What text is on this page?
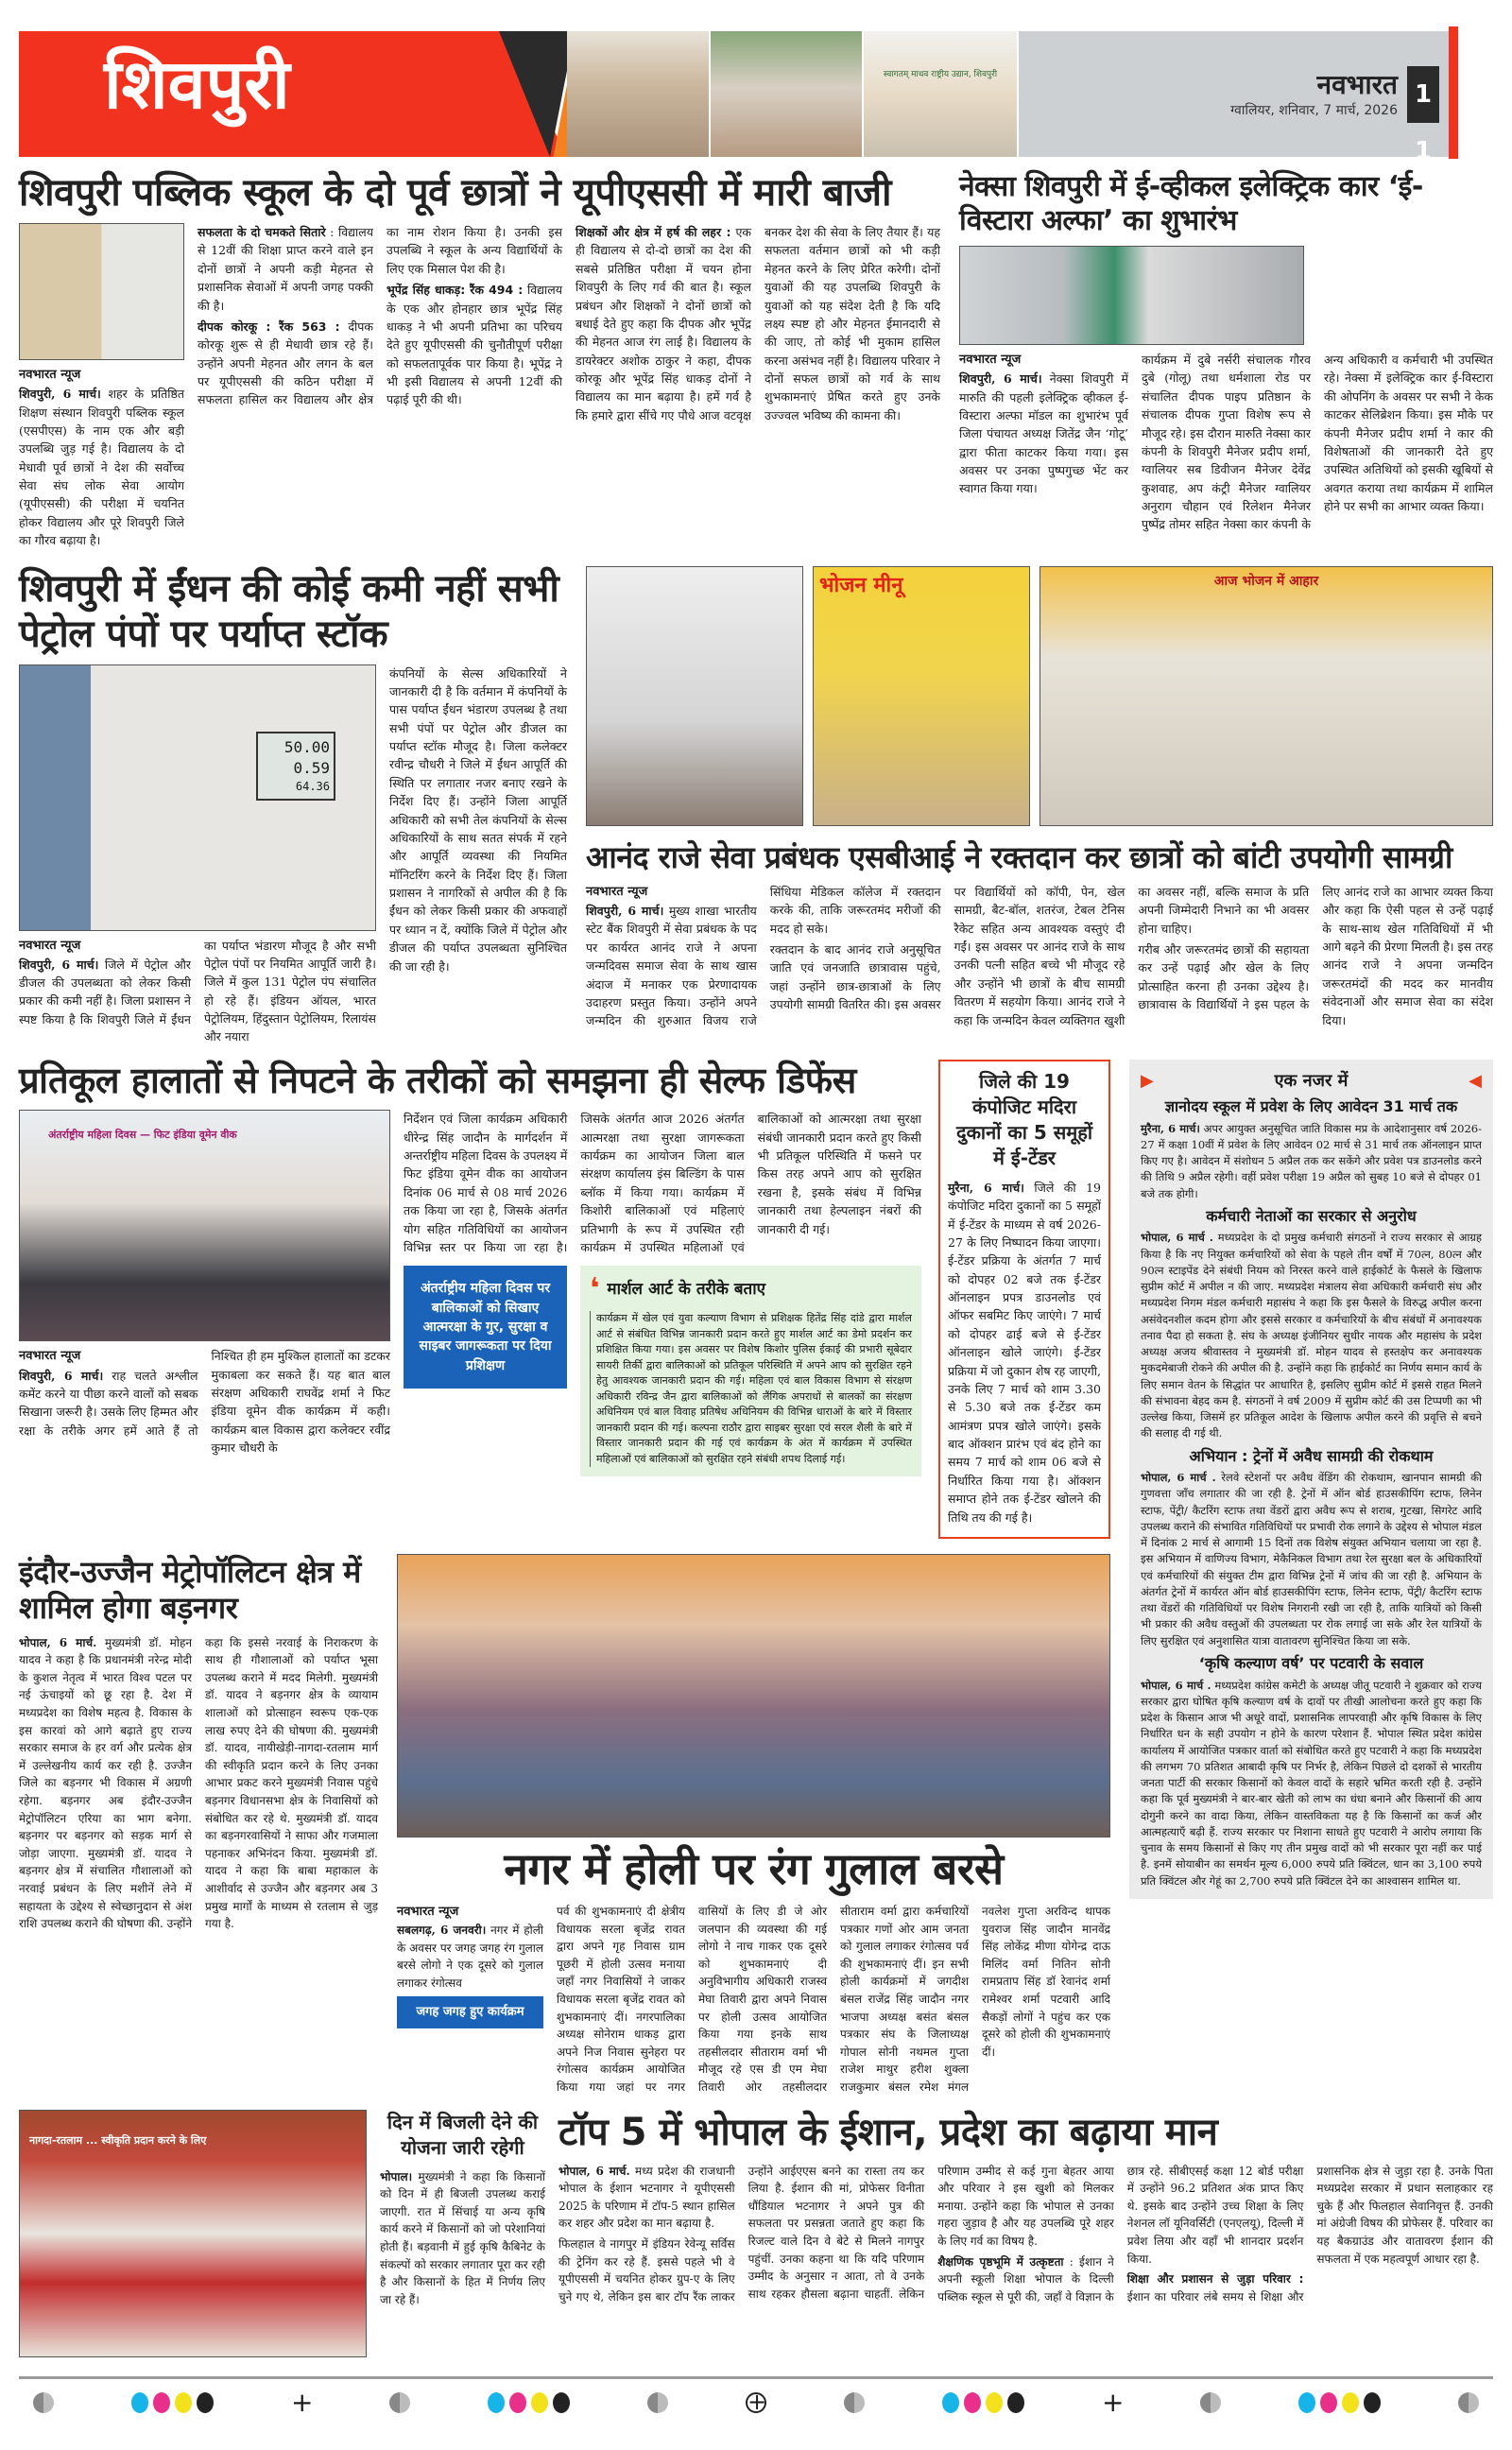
शिवपुरी	स्वागतम् माधव राष्ट्रीय उद्यान, शिवपुरी	नवभारत
ग्वालियर, शनिवार, 7 मार्च, 2026
11
शिवपुरी पब्लिक स्कूल के दो पूर्व छात्रों ने यूपीएससी में मारी बाजी
नवभारत न्यूज

शिवपुरी, 6 मार्च। शहर के प्रतिष्ठित शिक्षण संस्थान शिवपुरी पब्लिक स्कूल (एसपीएस) के नाम एक और बड़ी उपलब्धि जुड़ गई है। विद्यालय के दो मेधावी पूर्व छात्रों ने देश की सर्वोच्च सेवा संघ लोक सेवा आयोग (यूपीएससी) की परीक्षा में चयनित होकर विद्यालय और पूरे शिवपुरी जिले का गौरव बढ़ाया है।

सफलता के दो चमकते सितारे : विद्यालय से 12वीं की शिक्षा प्राप्त करने वाले इन दोनों छात्रों ने अपनी कड़ी मेहनत से प्रशासनिक सेवाओं में अपनी जगह पक्की की है।

दीपक कोरकू : रैंक 563 : दीपक कोरकू शुरू से ही मेधावी छात्र रहे हैं। उन्होंने अपनी मेहनत और लगन के बल पर यूपीएससी की कठिन परीक्षा में सफलता हासिल कर विद्यालय और क्षेत्र का नाम रोशन किया है। उनकी इस उपलब्धि ने स्कूल के अन्य विद्यार्थियों के लिए एक मिसाल पेश की है।

भूपेंद्र सिंह धाकड़: रैंक 494 : विद्यालय के एक और होनहार छात्र भूपेंद्र सिंह धाकड़ ने भी अपनी प्रतिभा का परिचय देते हुए यूपीएससी की चुनौतीपूर्ण परीक्षा को सफलतापूर्वक पार किया है। भूपेंद्र ने भी इसी विद्यालय से अपनी 12वीं की पढ़ाई पूरी की थी।

शिक्षकों और क्षेत्र में हर्ष की लहर : एक ही विद्यालय से दो-दो छात्रों का देश की सबसे प्रतिष्ठित परीक्षा में चयन होना शिवपुरी के लिए गर्व की बात है। स्कूल प्रबंधन और शिक्षकों ने दोनों छात्रों को बधाई देते हुए कहा कि दीपक और भूपेंद्र की मेहनत आज रंग लाई है। विद्यालय के डायरेक्टर अशोक ठाकुर ने कहा, दीपक कोरकू और भूपेंद्र सिंह धाकड़ दोनों ने विद्यालय का मान बढ़ाया है। हमें गर्व है कि हमारे द्वारा सींचे गए पौधे आज वटवृक्ष बनकर देश की सेवा के लिए तैयार हैं। यह सफलता वर्तमान छात्रों को भी कड़ी मेहनत करने के लिए प्रेरित करेगी। दोनों युवाओं की यह उपलब्धि शिवपुरी के युवाओं को यह संदेश देती है कि यदि लक्ष्य स्पष्ट हो और मेहनत ईमानदारी से की जाए, तो कोई भी मुकाम हासिल करना असंभव नहीं है। विद्यालय परिवार ने दोनों सफल छात्रों को गर्व के साथ शुभकामनाएं प्रेषित करते हुए उनके उज्ज्वल भविष्य की कामना की।

नेक्सा शिवपुरी में ई-व्हीकल इलेक्ट्रिक कार ‘ई-विस्टारा अल्फा’ का शुभारंभ
नवभारत न्यूज

शिवपुरी, 6 मार्च। नेक्सा शिवपुरी में मारुति की पहली इलेक्ट्रिक व्हीकल ई-विस्टारा अल्फा मॉडल का शुभारंभ पूर्व जिला पंचायत अध्यक्ष जितेंद्र जैन ‘गोटू’ द्वारा फीता काटकर किया गया। इस अवसर पर उनका पुष्पगुच्छ भेंट कर स्वागत किया गया।

कार्यक्रम में दुबे नर्सरी संचालक गौरव दुबे (गोलू) तथा धर्मशाला रोड पर संचालित दीपक पाइप प्रतिष्ठान के संचालक दीपक गुप्ता विशेष रूप से मौजूद रहे। इस दौरान मारुति नेक्सा कार कंपनी के शिवपुरी मैनेजर प्रदीप शर्मा, ग्वालियर सब डिवीजन मैनेजर देवेंद्र कुशवाह, अप कंट्री मैनेजर ग्वालियर अनुराग चौहान एवं रिलेशन मैनेजर पुष्पेंद्र तोमर सहित नेक्सा कार कंपनी के अन्य अधिकारी व कर्मचारी भी उपस्थित रहे। नेक्सा में इलेक्ट्रिक कार ई-विस्टारा की ओपनिंग के अवसर पर सभी ने केक काटकर सेलिब्रेशन किया। इस मौके पर कंपनी मैनेजर प्रदीप शर्मा ने कार की विशेषताओं की जानकारी देते हुए उपस्थित अतिथियों को इसकी खूबियों से अवगत कराया तथा कार्यक्रम में शामिल होने पर सभी का आभार व्यक्त किया।

शिवपुरी में ईंधन की कोई कमी नहीं सभी पेट्रोल पंपों पर पर्याप्त स्टॉक
50.00
0.59
64.36
नवभारत न्यूज

शिवपुरी, 6 मार्च। जिले में पेट्रोल और डीजल की उपलब्धता को लेकर किसी प्रकार की कमी नहीं है। जिला प्रशासन ने स्पष्ट किया है कि शिवपुरी जिले में ईंधन का पर्याप्त भंडारण मौजूद है और सभी पेट्रोल पंपों पर नियमित आपूर्ति जारी है। जिले में कुल 131 पेट्रोल पंप संचालित हो रहे हैं। इंडियन ऑयल, भारत पेट्रोलियम, हिंदुस्तान पेट्रोलियम, रिलायंस और नयारा

कंपनियों के सेल्स अधिकारियों ने जानकारी दी है कि वर्तमान में कंपनियों के पास पर्याप्त ईंधन भंडारण उपलब्ध है तथा सभी पंपों पर पेट्रोल और डीजल का पर्याप्त स्टॉक मौजूद है। जिला कलेक्टर रवीन्द्र चौधरी ने जिले में ईंधन आपूर्ति की स्थिति पर लगातार नजर बनाए रखने के निर्देश दिए हैं। उन्होंने जिला आपूर्ति अधिकारी को सभी तेल कंपनियों के सेल्स अधिकारियों के साथ सतत संपर्क में रहने और आपूर्ति व्यवस्था की नियमित मॉनिटरिंग करने के निर्देश दिए हैं। जिला प्रशासन ने नागरिकों से अपील की है कि ईंधन को लेकर किसी प्रकार की अफवाहों पर ध्यान न दें, क्योंकि जिले में पेट्रोल और डीजल की पर्याप्त उपलब्धता सुनिश्चित की जा रही है।

भोजन मीनू	आज भोजन में आहार
आनंद राजे सेवा प्रबंधक एसबीआई ने रक्तदान कर छात्रों को बांटी उपयोगी सामग्री
नवभारत न्यूज

शिवपुरी, 6 मार्च। मुख्य शाखा भारतीय स्टेट बैंक शिवपुरी में सेवा प्रबंधक के पद पर कार्यरत आनंद राजे ने अपना जन्मदिवस समाज सेवा के साथ खास अंदाज में मनाकर एक प्रेरणादायक उदाहरण प्रस्तुत किया। उन्होंने अपने जन्मदिन की शुरुआत विजय राजे सिंधिया मेडिकल कॉलेज में रक्तदान करके की, ताकि जरूरतमंद मरीजों की मदद हो सके।

रक्तदान के बाद आनंद राजे अनुसूचित जाति एवं जनजाति छात्रावास पहुंचे, जहां उन्होंने छात्र-छात्राओं के लिए उपयोगी सामग्री वितरित की। इस अवसर पर विद्यार्थियों को कॉपी, पेन, खेल सामग्री, बैट-बॉल, शतरंज, टेबल टेनिस रैकेट सहित अन्य आवश्यक वस्तुएं दी गईं। इस अवसर पर आनंद राजे के साथ उनकी पत्नी सहित बच्चे भी मौजूद रहे और उन्होंने भी छात्रों के बीच सामग्री वितरण में सहयोग किया। आनंद राजे ने कहा कि जन्मदिन केवल व्यक्तिगत खुशी का अवसर नहीं, बल्कि समाज के प्रति अपनी जिम्मेदारी निभाने का भी अवसर होना चाहिए।

गरीब और जरूरतमंद छात्रों की सहायता कर उन्हें पढ़ाई और खेल के लिए प्रोत्साहित करना ही उनका उद्देश्य है। छात्रावास के विद्यार्थियों ने इस पहल के लिए आनंद राजे का आभार व्यक्त किया और कहा कि ऐसी पहल से उन्हें पढ़ाई के साथ-साथ खेल गतिविधियों में भी आगे बढ़ने की प्रेरणा मिलती है। इस तरह आनंद राजे ने अपना जन्मदिन जरूरतमंदों की मदद कर मानवीय संवेदनाओं और समाज सेवा का संदेश दिया।

प्रतिकूल हालातों से निपटने के तरीकों को समझना ही सेल्फ डिफेंस
अंतर्राष्ट्रीय महिला दिवस — फिट इंडिया वूमेन वीक
नवभारत न्यूज

शिवपुरी, 6 मार्च। राह चलते अश्लील कमेंट करने या पीछा करने वालों को सबक सिखाना जरूरी है। उसके लिए हिम्मत और रक्षा के तरीके अगर हमें आते हैं तो निश्चित ही हम मुश्किल हालातों का डटकर मुकाबला कर सकते हैं। यह बात बाल संरक्षण अधिकारी राघवेंद्र शर्मा ने फिट इंडिया वूमेन वीक कार्यक्रम में कही। कार्यक्रम बाल विकास द्वारा कलेक्टर रवींद्र कुमार चौधरी के

निर्देशन एवं जिला कार्यक्रम अधिकारी धीरेन्द्र सिंह जादौन के मार्गदर्शन में अन्तर्राष्ट्रीय महिला दिवस के उपलक्ष्य में फिट इंडिया वूमेन वीक का आयोजन दिनांक 06 मार्च से 08 मार्च 2026 तक किया जा रहा है, जिसके अंतर्गत योग सहित गतिविधियों का आयोजन विभिन्न स्तर पर किया जा रहा है। जिसके अंतर्गत आज 2026 अंतर्गत आत्मरक्षा तथा सुरक्षा जागरूकता कार्यक्रम का आयोजन जिला बाल संरक्षण कार्यालय इंस बिल्डिंग के पास ब्लॉक में किया गया। कार्यक्रम में किशोरी बालिकाओं एवं महिलाएं प्रतिभागी के रूप में उपस्थित रही कार्यक्रम में उपस्थित महिलाओं एवं बालिकाओं को आत्मरक्षा तथा सुरक्षा संबंधी जानकारी प्रदान करते हुए किसी भी प्रतिकूल परिस्थिति में फसने पर किस तरह अपने आप को सुरक्षित रखना है, इसके संबंध में विभिन्न जानकारी तथा हेल्पलाइन नंबरों की जानकारी दी गई।

अंतर्राष्ट्रीय महिला दिवस पर बालिकाओं को सिखाए आत्मरक्षा के गुर, सुरक्षा व साइबर जागरूकता पर दिया प्रशिक्षण
❛ मार्शल आर्ट के तरीके बताए
कार्यक्रम में खेल एवं युवा कल्याण विभाग से प्रशिक्षक हितेंद्र सिंह दांडे द्वारा मार्शल आर्ट से संबंधित विभिन्न जानकारी प्रदान करते हुए मार्शल आर्ट का डेमो प्रदर्शन कर प्रशिक्षित किया गया। इस अवसर पर विशेष किशोर पुलिस ईकाई की प्रभारी सूबेदार सायरी तिर्की द्वारा बालिकाओं को प्रतिकूल परिस्थिति में अपने आप को सुरक्षित रहने हेतु आवश्यक जानकारी प्रदान की गई। महिला एवं बाल विकास विभाग से संरक्षण अधिकारी रविन्द्र जैन द्वारा बालिकाओं को लैंगिक अपराधों से बालकों का संरक्षण अधिनियम एवं बाल विवाह प्रतिषेध अधिनियम की विभिन्न धाराओं के बारे में विस्तार जानकारी प्रदान की गई। कल्पना राठौर द्वारा साइबर सुरक्षा एवं सरल शैली के बारे में विस्तार जानकारी प्रदान की गई एवं कार्यक्रम के अंत में कार्यक्रम में उपस्थित महिलाओं एवं बालिकाओं को सुरक्षित रहने संबंधी शपथ दिलाई गई।
जिले की 19 कंपोजिट मदिरा दुकानों का 5 समूहों में ई-टेंडर

मुरैना, 6 मार्च। जिले की 19 कंपोजिट मदिरा दुकानों का 5 समूहों में ई-टेंडर के माध्यम से वर्ष 2026-27 के लिए निष्पादन किया जाएगा। ई-टेंडर प्रक्रिया के अंतर्गत 7 मार्च को दोपहर 02 बजे तक ई-टेंडर ऑनलाइन प्रपत्र डाउनलोड एवं ऑफर सबमिट किए जाएंगे। 7 मार्च को दोपहर ढाई बजे से ई-टेंडर ऑनलाइन खोले जाएंगे। ई-टेंडर प्रक्रिया में जो दुकान शेष रह जाएगी, उनके लिए 7 मार्च को शाम 3.30 से 5.30 बजे तक ई-टेंडर कम आमंत्रण प्रपत्र खोले जाएंगे। इसके बाद ऑक्शन प्रारंभ एवं बंद होने का समय 7 मार्च को शाम 06 बजे से निर्धारित किया गया है। ऑक्शन समाप्त होने तक ई-टेंडर खोलने की तिथि तय की गई है।

इंदौर-उज्जैन मेट्रोपॉलिटन क्षेत्र में शामिल होगा बड़नगर

भोपाल, 6 मार्च. मुख्यमंत्री डॉ. मोहन यादव ने कहा है कि प्रधानमंत्री नरेन्द्र मोदी के कुशल नेतृत्व में भारत विश्व पटल पर नई ऊंचाइयों को छू रहा है. देश में मध्यप्रदेश का विशेष महत्व है. विकास के इस कारवां को आगे बढ़ाते हुए राज्य सरकार समाज के हर वर्ग और प्रत्येक क्षेत्र में उल्लेखनीय कार्य कर रही है. उज्जैन जिले का बड़नगर भी विकास में अग्रणी रहेगा. बड़नगर अब इंदौर-उज्जैन मेट्रोपॉलिटन एरिया का भाग बनेगा. बड़नगर पर बड़नगर को सड़क मार्ग से जोड़ा जाएगा. मुख्यमंत्री डॉ. यादव ने बड़नगर क्षेत्र में संचालित गौशालाओं को नरवाई प्रबंधन के लिए मशीनें लेने में सहायता के उद्देश्य से स्वेच्छानुदान से अंश राशि उपलब्ध कराने की घोषणा की. उन्होंने कहा कि इससे नरवाई के निराकरण के साथ ही गौशालाओं को पर्याप्त भूसा उपलब्ध कराने में मदद मिलेगी. मुख्यमंत्री डॉ. यादव ने बड़नगर क्षेत्र के व्यायाम शालाओं को प्रोत्साहन स्वरूप एक-एक लाख रुपए देने की घोषणा की. मुख्यमंत्री डॉ. यादव, नायीखेड़ी-नागदा-रतलाम मार्ग की स्वीकृति प्रदान करने के लिए उनका आभार प्रकट करने मुख्यमंत्री निवास पहुंचे बड़नगर विधानसभा क्षेत्र के निवासियों को संबोधित कर रहे थे. मुख्यमंत्री डॉ. यादव का बड़नगरवासियों ने साफा और गजमाला पहनाकर अभिनंदन किया. मुख्यमंत्री डॉ. यादव ने कहा कि बाबा महाकाल के आशीर्वाद से उज्जैन और बड़नगर अब 3 प्रमुख मार्गों के माध्यम से रतलाम से जुड़ गया है.

नगर में होली पर रंग गुलाल बरसे
नवभारत न्यूज

सबलगढ़, 6 जनवरी। नगर में होली के अवसर पर जगह जगह रंग गुलाल बरसे लोगो ने एक दूसरे को गुलाल लगाकर रंगोत्सव

जगह जगह हुए कार्यक्रम

पर्व की शुभकामनाएं दी क्षेत्रीय विधायक सरला बृजेंद्र रावत द्वारा अपने गृह निवास ग्राम पूछरी में होली उत्सव मनाया जहाँ नगर निवासियों ने जाकर विधायक सरला बृजेंद्र रावत को शुभकामनाएं दीं। नगरपालिका अध्यक्ष सोनेराम धाकड़ द्वारा अपने निज निवास सुनेहरा पर रंगोत्सव कार्यक्रम आयोजित किया गया जहां पर नगर वासियों के लिए डी जे ओर जलपान की व्यवस्था की गई लोगो ने नाच गाकर एक दूसरे को शुभकामनाएं दी अनुविभागीय अधिकारी राजस्व मेघा तिवारी द्वारा अपने निवास पर होली उत्सव आयोजित किया गया इनके साथ तहसीलदार सीताराम वर्मा भी मौजूद रहे एस डी एम मेघा तिवारी ओर तहसीलदार सीताराम वर्मा द्वारा कर्मचारियों पत्रकार गणों ओर आम जनता को गुलाल लगाकर रंगोत्सव पर्व की शुभकामनाएं दीं। इन सभी होली कार्यक्रमों में जगदीश बंसल राजेंद्र सिंह जादौन नगर भाजपा अध्यक्ष बसंत बंसल पत्रकार संघ के जिलाध्यक्ष गोपाल सोनी नथमल गुप्ता राजेश माथुर हरीश शुक्ला राजकुमार बंसल रमेश मंगल नवलेश गुप्ता अरविन्द थापक युवराज सिंह जादौन मानवेंद्र सिंह लोकेंद्र मीणा योगेन्द्र दाऊ मिलिंद वर्मा नितिन सोनी रामप्रताप सिंह डॉ रेवानंद शर्मा रामेश्वर शर्मा पटवारी आदि सैकड़ों लोगों ने पहुंच कर एक दूसरे को होली की शुभकामनाएं दीं।

▶	एक नजर में	◀
ज्ञानोदय स्कूल में प्रवेश के लिए आवेदन 31 मार्च तक

मुरैना, 6 मार्च। अपर आयुक्त अनुसूचित जाति विकास मप्र के आदेशानुसार वर्ष 2026-27 में कक्षा 10वीं में प्रवेश के लिए आवेदन 02 मार्च से 31 मार्च तक ऑनलाइन प्राप्त किए गए है। आवेदन में संशोधन 5 अप्रैल तक कर सकेंगे और प्रवेश पत्र डाउनलोड करने की तिथि 9 अप्रैल रहेगी। वहीं प्रवेश परीक्षा 19 अप्रैल को सुबह 10 बजे से दोपहर 01 बजे तक होगी।

कर्मचारी नेताओं का सरकार से अनुरोध

भोपाल, 6 मार्च . मध्यप्रदेश के दो प्रमुख कर्मचारी संगठनों ने राज्य सरकार से आग्रह किया है कि नए नियुक्त कर्मचारियों को सेवा के पहले तीन वर्षों में 70त्न, 80त्न और 90त्न स्टाइपेंड देने संबंधी नियम को निरस्त करने वाले हाईकोर्ट के फैसले के खिलाफ सुप्रीम कोर्ट में अपील न की जाए. मध्यप्रदेश मंत्रालय सेवा अधिकारी कर्मचारी संघ और मध्यप्रदेश निगम मंडल कर्मचारी महासंघ ने कहा कि इस फैसले के विरुद्ध अपील करना असंवेदनशील कदम होगा और इससे सरकार व कर्मचारियों के बीच संबंधों में अनावश्यक तनाव पैदा हो सकता है. संघ के अध्यक्ष इंजीनियर सुधीर नायक और महासंघ के प्रदेश अध्यक्ष अजय श्रीवास्तव ने मुख्यमंत्री डॉ. मोहन यादव से हस्तक्षेप कर अनावश्यक मुकदमेबाजी रोकने की अपील की है. उन्होंने कहा कि हाईकोर्ट का निर्णय समान कार्य के लिए समान वेतन के सिद्धांत पर आधारित है, इसलिए सुप्रीम कोर्ट में इससे राहत मिलने की संभावना बेहद कम है. संगठनों ने वर्ष 2009 में सुप्रीम कोर्ट की उस टिप्पणी का भी उल्लेख किया, जिसमें हर प्रतिकूल आदेश के खिलाफ अपील करने की प्रवृत्ति से बचने की सलाह दी गई थी.

अभियान : ट्रेनों में अवैध सामग्री की रोकथाम

भोपाल, 6 मार्च . रेलवे स्टेशनों पर अवैध वेंडिंग की रोकथाम, खानपान सामग्री की गुणवत्ता जाँच लगातार की जा रही है. ट्रेनों में ऑन बोर्ड हाउसकीपिंग स्टाफ, लिनेन स्टाफ, पेंट्री/ कैटरिंग स्टाफ तथा वेंडरों द्वारा अवैध रूप से शराब, गुटखा, सिगरेट आदि उपलब्ध कराने की संभावित गतिविधियों पर प्रभावी रोक लगाने के उद्देश्य से भोपाल मंडल में दिनांक 2 मार्च से आगामी 15 दिनों तक विशेष संयुक्त अभियान चलाया जा रहा है. इस अभियान में वाणिज्य विभाग, मेकैनिकल विभाग तथा रेल सुरक्षा बल के अधिकारियों एवं कर्मचारियों की संयुक्त टीम द्वारा विभिन्न ट्रेनों में जांच की जा रही है. अभियान के अंतर्गत ट्रेनों में कार्यरत ऑन बोर्ड हाउसकीपिंग स्टाफ, लिनेन स्टाफ, पेंट्री/ कैटरिंग स्टाफ तथा वेंडरों की गतिविधियों पर विशेष निगरानी रखी जा रही है, ताकि यात्रियों को किसी भी प्रकार की अवैध वस्तुओं की उपलब्धता पर रोक लगाई जा सके और रेल यात्रियों के लिए सुरक्षित एवं अनुशासित यात्रा वातावरण सुनिश्चित किया जा सके.

‘कृषि कल्याण वर्ष’ पर पटवारी के सवाल

भोपाल, 6 मार्च . मध्यप्रदेश कांग्रेस कमेटी के अध्यक्ष जीतू पटवारी ने शुक्रवार को राज्य सरकार द्वारा घोषित कृषि कल्याण वर्ष के दावों पर तीखी आलोचना करते हुए कहा कि प्रदेश के किसान आज भी अधूरे वादों, प्रशासनिक लापरवाही और कृषि विकास के लिए निर्धारित धन के सही उपयोग न होने के कारण परेशान हैं. भोपाल स्थित प्रदेश कांग्रेस कार्यालय में आयोजित पत्रकार वार्ता को संबोधित करते हुए पटवारी ने कहा कि मध्यप्रदेश की लगभग 70 प्रतिशत आबादी कृषि पर निर्भर है, लेकिन पिछले दो दशकों से भारतीय जनता पार्टी की सरकार किसानों को केवल वादों के सहारे भ्रमित करती रही है. उन्होंने कहा कि पूर्व मुख्यमंत्री ने बार-बार खेती को लाभ का धंधा बनाने और किसानों की आय दोगुनी करने का वादा किया, लेकिन वास्तविकता यह है कि किसानों का कर्ज और आत्महत्याएँ बढ़ी हैं. राज्य सरकार पर निशाना साधते हुए पटवारी ने आरोप लगाया कि चुनाव के समय किसानों से किए गए तीन प्रमुख वादों को भी सरकार पूरा नहीं कर पाई है. इनमें सोयाबीन का समर्थन मूल्य 6,000 रुपये प्रति क्विंटल, धान का 3,100 रुपये प्रति क्विंटल और गेहूं का 2,700 रुपये प्रति क्विंटल देने का आश्वासन शामिल था.

नागदा-रतलाम ... स्वीकृति प्रदान करने के लिए
दिन में बिजली देने की योजना जारी रहेगी

भोपाल। मुख्यमंत्री ने कहा कि किसानों को दिन में ही बिजली उपलब्ध कराई जाएगी. रात में सिंचाई या अन्य कृषि कार्य करने में किसानों को जो परेशानियां होती हैं। बड़वानी में हुई कृषि कैबिनेट के संकल्पों को सरकार लगातार पूरा कर रही है और किसानों के हित में निर्णय लिए जा रहे हैं।

टॉप 5 में भोपाल के ईशान, प्रदेश का बढ़ाया मान

भोपाल, 6 मार्च. मध्य प्रदेश की राजधानी भोपाल के ईशान भटनागर ने यूपीएससी 2025 के परिणाम में टॉप-5 स्थान हासिल कर शहर और प्रदेश का मान बढ़ाया है.

फिलहाल वे नागपुर में इंडियन रेवेन्यू सर्विस की ट्रेनिंग कर रहे हैं. इससे पहले भी वे यूपीएससी में चयनित होकर ग्रुप-ए के लिए चुने गए थे, लेकिन इस बार टॉप रैंक लाकर उन्होंने आईएएस बनने का रास्ता तय कर लिया है. ईशान की मां, प्रोफेसर विनीता धौंडियाल भटनागर ने अपने पुत्र की सफलता पर प्रसन्नता जताते हुए कहा कि रिजल्ट वाले दिन वे बेटे से मिलने नागपुर पहुंचीं. उनका कहना था कि यदि परिणाम उम्मीद के अनुसार न आता, तो वे उनके साथ रहकर हौसला बढ़ाना चाहतीं. लेकिन परिणाम उम्मीद से कई गुना बेहतर आया और परिवार ने इस खुशी को मिलकर मनाया. उन्होंने कहा कि भोपाल से उनका गहरा जुड़ाव है और यह उपलब्धि पूरे शहर के लिए गर्व का विषय है.

शैक्षणिक पृष्ठभूमि में उत्कृष्टता : ईशान ने अपनी स्कूली शिक्षा भोपाल के दिल्ली पब्लिक स्कूल से पूरी की, जहाँ वे विज्ञान के छात्र रहे. सीबीएसई कक्षा 12 बोर्ड परीक्षा में उन्होंने 96.2 प्रतिशत अंक प्राप्त किए थे. इसके बाद उन्होंने उच्च शिक्षा के लिए नेशनल लॉ यूनिवर्सिटी (एनएलयू), दिल्ली में प्रवेश लिया और वहाँ भी शानदार प्रदर्शन किया.

शिक्षा और प्रशासन से जुड़ा परिवार : ईशान का परिवार लंबे समय से शिक्षा और प्रशासनिक क्षेत्र से जुड़ा रहा है. उनके पिता मध्यप्रदेश सरकार में प्रधान सलाहकार रह चुके हैं और फिलहाल सेवानिवृत्त हैं. उनकी मां अंग्रेजी विषय की प्रोफेसर हैं. परिवार का यह बैकग्राउंड और वातावरण ईशान की सफलता में एक महत्वपूर्ण आधार रहा है.

+	+	+
